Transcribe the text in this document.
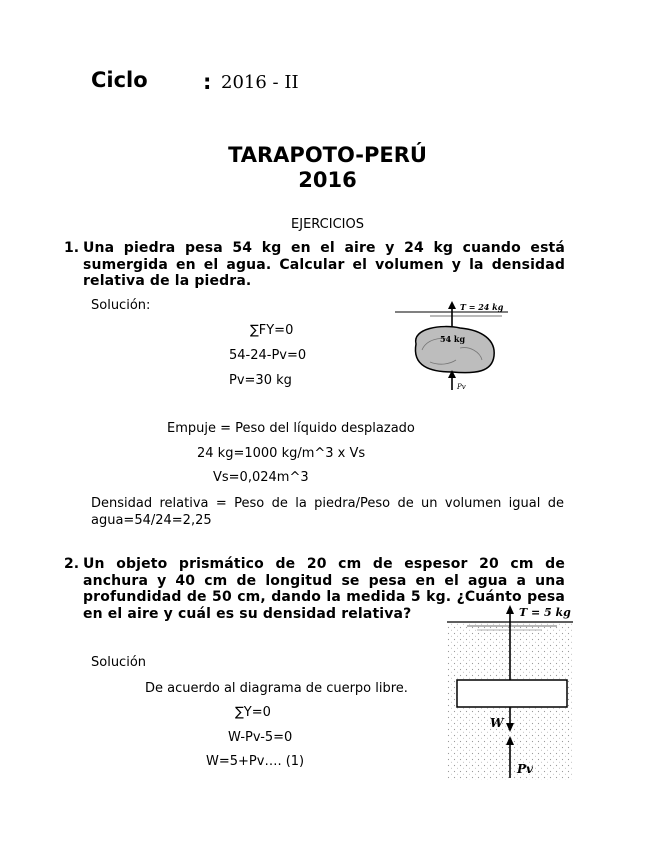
Ciclo	: 2016 - II
TARAPOTO-PERÚ
2016
EJERCICIOS
1. Una piedra pesa 54 kg en el aire y 24 kg cuando está sumergida en el agua. Calcular el volumen y la densidad relativa de la piedra.
Solución:
∑FY=0
54-24-Pv=0
Pv=30 kg
Empuje = Peso del líquido desplazado
24 kg=1000 kg/m^3 x Vs
Vs=0,024m^3
Densidad relativa = Peso de la piedra/Peso de un volumen igual de agua=54/24=2,25
T = 24 kg
54 kg
Pv
2. Un objeto prismático de 20 cm de espesor 20 cm de anchura y 40 cm de longitud se pesa en el agua a una profundidad de 50 cm, dando la medida 5 kg. ¿Cuánto pesa en el aire y cuál es su densidad relativa?
Solución
De acuerdo al diagrama de cuerpo libre.
∑Y=0
W-Pv-5=0
W=5+Pv…. (1)
T = 5 kg
W
Pv
